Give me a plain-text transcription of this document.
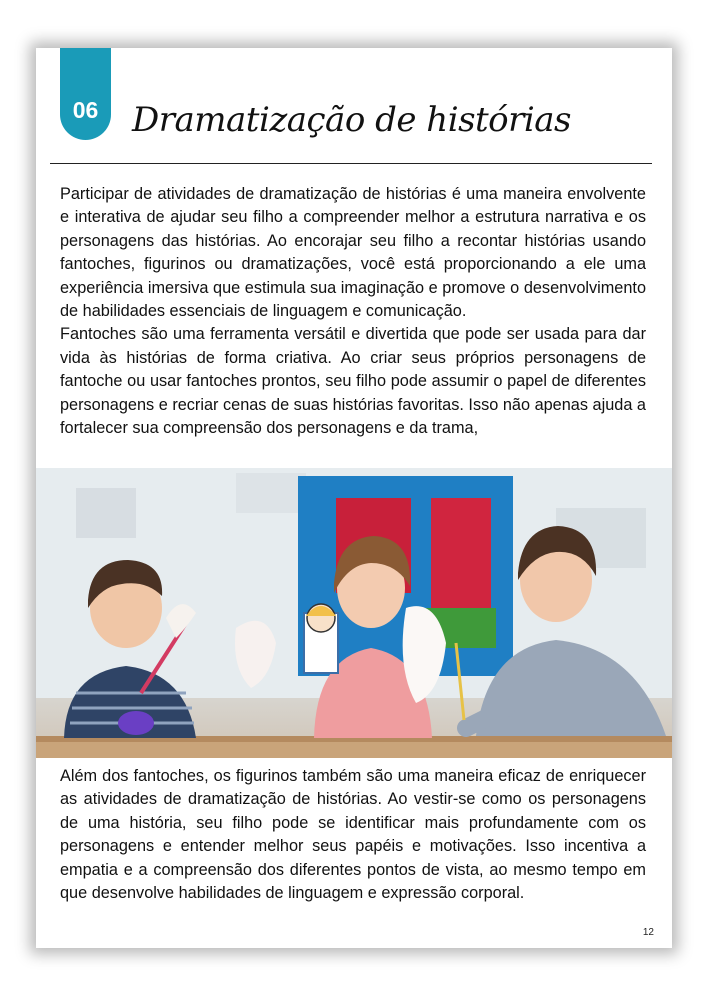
06 Dramatização de histórias

Participar de atividades de dramatização de histórias é uma maneira envolvente e interativa de ajudar seu filho a compreender melhor a estrutura narrativa e os personagens das histórias. Ao encorajar seu filho a recontar histórias usando fantoches, figurinos ou dramatizações, você está proporcionando a ele uma experiência imersiva que estimula sua imaginação e promove o desenvolvimento de habilidades essenciais de linguagem e comunicação.

Fantoches são uma ferramenta versátil e divertida que pode ser usada para dar vida às histórias de forma criativa. Ao criar seus próprios personagens de fantoche ou usar fantoches prontos, seu filho pode assumir o papel de diferentes personagens e recriar cenas de suas histórias favoritas. Isso não apenas ajuda a fortalecer sua compreensão dos personagens e da trama,

Além dos fantoches, os figurinos também são uma maneira eficaz de enriquecer as atividades de dramatização de histórias. Ao vestir-se como os personagens de uma história, seu filho pode se identificar mais profundamente com os personagens e entender melhor seus papéis e motivações. Isso incentiva a empatia e a compreensão dos diferentes pontos de vista, ao mesmo tempo em que desenvolve habilidades de linguagem e expressão corporal.

12
